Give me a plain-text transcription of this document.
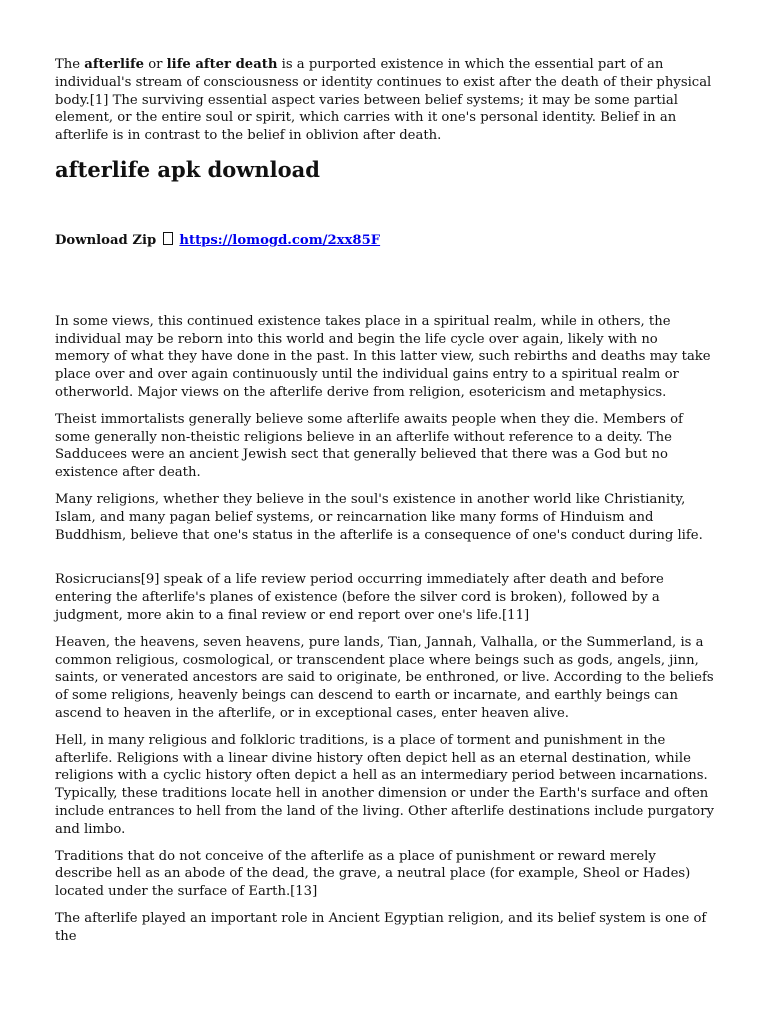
The afterlife or life after death is a purported existence in which the essential part of an individual's stream of consciousness or identity continues to exist after the death of their physical body.[1] The surviving essential aspect varies between belief systems; it may be some partial element, or the entire soul or spirit, which carries with it one's personal identity. Belief in an afterlife is in contrast to the belief in oblivion after death.

afterlife apk download
Download Zip  https://lomogd.com/2xx85F

In some views, this continued existence takes place in a spiritual realm, while in others, the individual may be reborn into this world and begin the life cycle over again, likely with no memory of what they have done in the past. In this latter view, such rebirths and deaths may take place over and over again continuously until the individual gains entry to a spiritual realm or otherworld. Major views on the afterlife derive from religion, esotericism and metaphysics.

Theist immortalists generally believe some afterlife awaits people when they die. Members of some generally non-theistic religions believe in an afterlife without reference to a deity. The Sadducees were an ancient Jewish sect that generally believed that there was a God but no existence after death.

Many religions, whether they believe in the soul's existence in another world like Christianity, Islam, and many pagan belief systems, or reincarnation like many forms of Hinduism and Buddhism, believe that one's status in the afterlife is a consequence of one's conduct during life.

Rosicrucians[9] speak of a life review period occurring immediately after death and before entering the afterlife's planes of existence (before the silver cord is broken), followed by a judgment, more akin to a final review or end report over one's life.[11]

Heaven, the heavens, seven heavens, pure lands, Tian, Jannah, Valhalla, or the Summerland, is a common religious, cosmological, or transcendent place where beings such as gods, angels, jinn, saints, or venerated ancestors are said to originate, be enthroned, or live. According to the beliefs of some religions, heavenly beings can descend to earth or incarnate, and earthly beings can ascend to heaven in the afterlife, or in exceptional cases, enter heaven alive.

Hell, in many religious and folkloric traditions, is a place of torment and punishment in the afterlife. Religions with a linear divine history often depict hell as an eternal destination, while religions with a cyclic history often depict a hell as an intermediary period between incarnations. Typically, these traditions locate hell in another dimension or under the Earth's surface and often include entrances to hell from the land of the living. Other afterlife destinations include purgatory and limbo.

Traditions that do not conceive of the afterlife as a place of punishment or reward merely describe hell as an abode of the dead, the grave, a neutral place (for example, Sheol or Hades) located under the surface of Earth.[13]

The afterlife played an important role in Ancient Egyptian religion, and its belief system is one of the
